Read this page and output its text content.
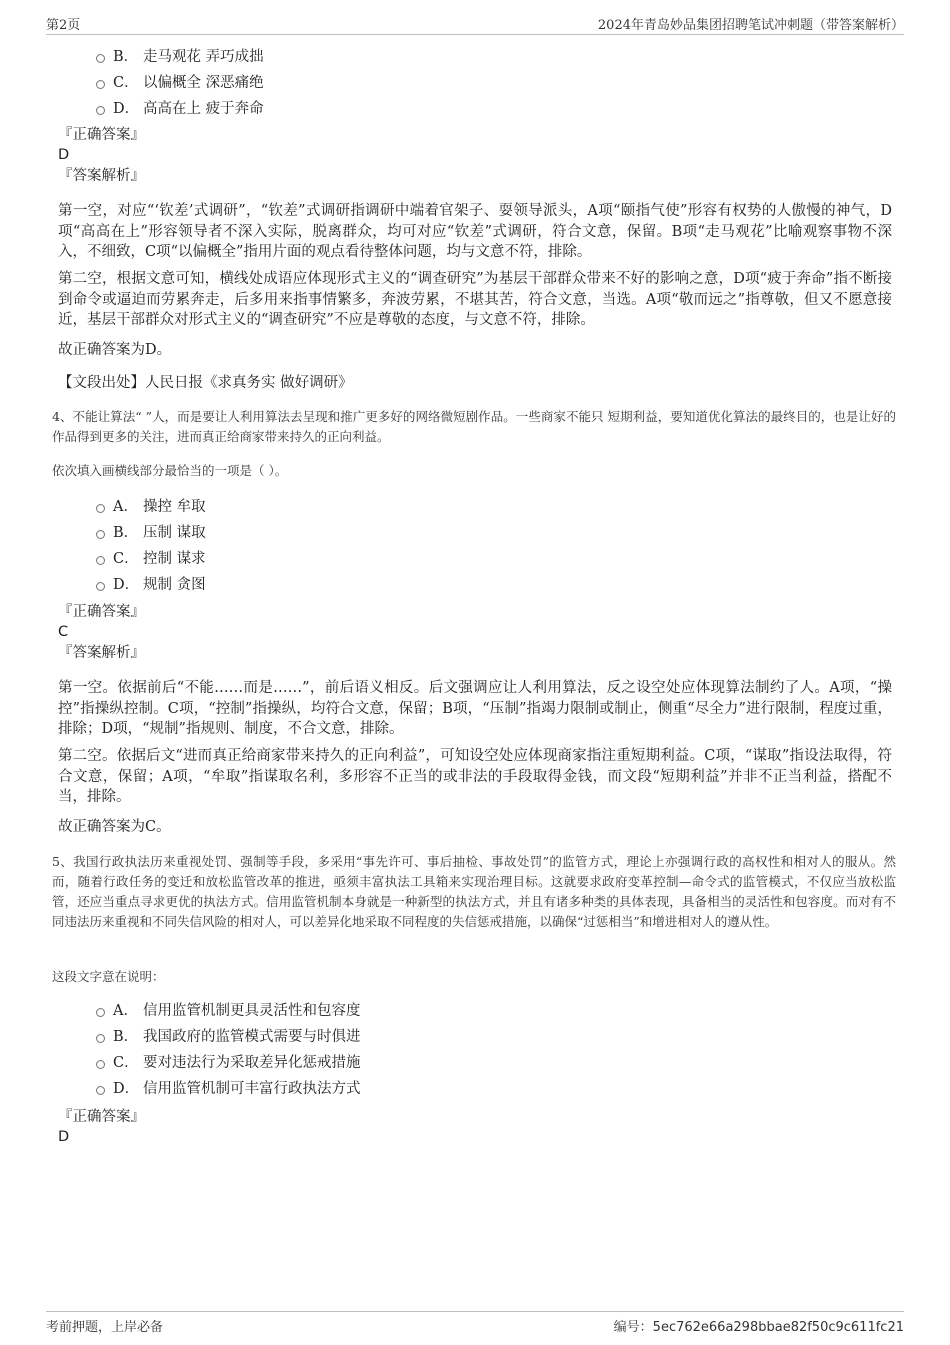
第2页	2024年青岛妙品集团招聘笔试冲刺题（带答案解析）
B． 走马观花 弄巧成拙
C． 以偏概全 深恶痛绝
D． 高高在上 疲于奔命
『正确答案』
D
『答案解析』
第一空，对应“‘钦差’式调研”，“钦差”式调研指调研中端着官架子、耍领导派头，A项“颐指气使”形容有权势的人傲慢的神气，D项“高高在上”形容领导者不深入实际，脱离群众，均可对应“钦差”式调研，符合文意，保留。B项“走马观花”比喻观察事物不深入，不细致，C项“以偏概全”指用片面的观点看待整体问题，均与文意不符，排除。
第二空，根据文意可知，横线处成语应体现形式主义的“调查研究”为基层干部群众带来不好的影响之意，D项“疲于奔命”指不断接到命令或逼迫而劳累奔走，后多用来指事情繁多，奔波劳累，不堪其苦，符合文意，当选。A项“敬而远之”指尊敬，但又不愿意接近，基层干部群众对形式主义的“调查研究”不应是尊敬的态度，与文意不符，排除。
故正确答案为D。
【文段出处】人民日报《求真务实 做好调研》
4、不能让算法“ ”人，而是要让人利用算法去呈现和推广更多好的网络微短剧作品。一些商家不能只 短期利益，要知道优化算法的最终目的，也是让好的作品得到更多的关注，进而真正给商家带来持久的正向利益。
依次填入画横线部分最恰当的一项是（ ）。
A． 操控 牟取
B． 压制 谋取
C． 控制 谋求
D． 规制 贪图
『正确答案』
C
『答案解析』
第一空。依据前后“不能……而是……”，前后语义相反。后文强调应让人利用算法，反之设空处应体现算法制约了人。A项，“操控”指操纵控制。C项，“控制”指操纵，均符合文意，保留；B项，“压制”指竭力限制或制止，侧重“尽全力”进行限制，程度过重，排除；D项，“规制”指规则、制度，不合文意，排除。
第二空。依据后文“进而真正给商家带来持久的正向利益”，可知设空处应体现商家指注重短期利益。C项，“谋取”指设法取得，符合文意，保留；A项，“牟取”指谋取名利，多形容不正当的或非法的手段取得金钱，而文段“短期利益”并非不正当利益，搭配不当，排除。
故正确答案为C。
5、我国行政执法历来重视处罚、强制等手段，多采用“事先许可、事后抽检、事故处罚”的监管方式，理论上亦强调行政的高权性和相对人的服从。然而，随着行政任务的变迁和放松监管改革的推进，亟须丰富执法工具箱来实现治理目标。这就要求政府变革控制—命令式的监管模式，不仅应当放松监管，还应当重点寻求更优的执法方式。信用监管机制本身就是一种新型的执法方式，并且有诸多种类的具体表现，具备相当的灵活性和包容度。而对有不同违法历来重视和不同失信风险的相对人，可以差异化地采取不同程度的失信惩戒措施，以确保“过惩相当”和增进相对人的遵从性。
这段文字意在说明：
A． 信用监管机制更具灵活性和包容度
B． 我国政府的监管模式需要与时俱进
C． 要对违法行为采取差异化惩戒措施
D． 信用监管机制可丰富行政执法方式
『正确答案』
D
考前押题，上岸必备	编号：5ec762e66a298bbae82f50c9c611fc21
